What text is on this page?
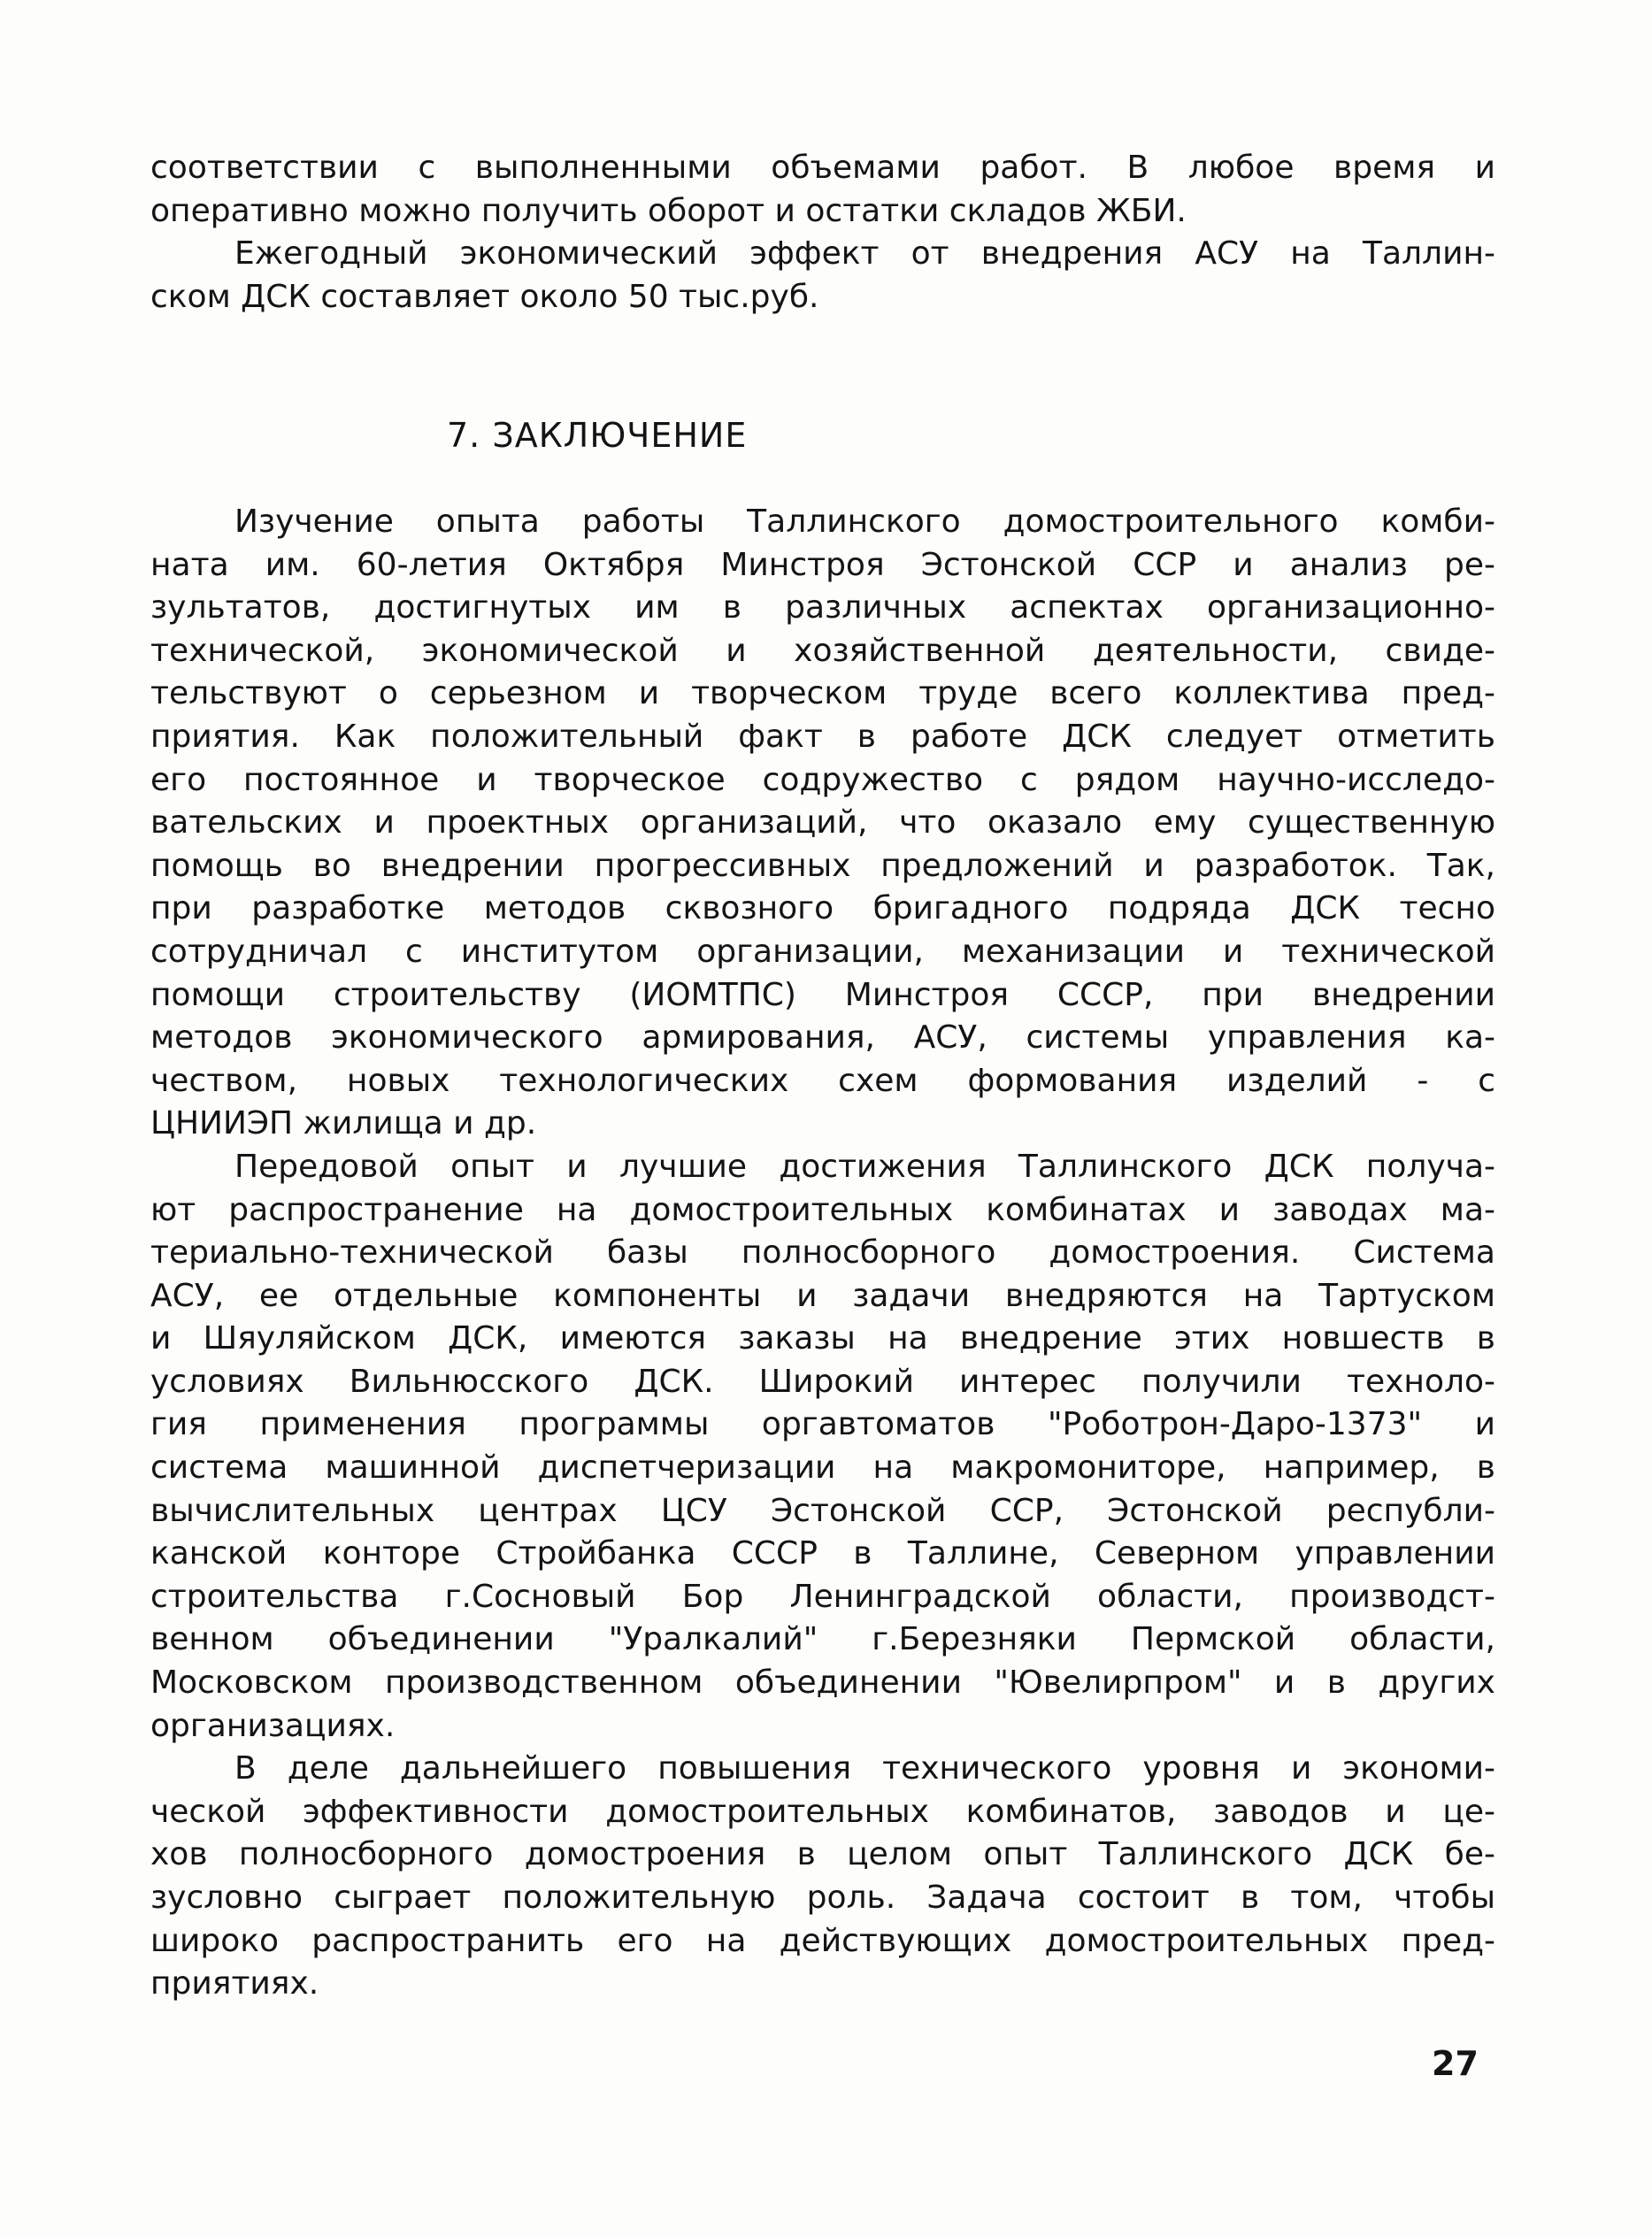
соответствии с выполненными объемами работ. В любое время и
оперативно можно получить оборот и остатки складов ЖБИ.

Ежегодный экономический эффект от внедрения АСУ на Таллин-
ском ДСК составляет около 50 тыс.руб.

7. ЗАКЛЮЧЕНИЕ

Изучение опыта работы Таллинского домостроительного комби-
ната им. 60-летия Октября Минстроя Эстонской ССР и анализ ре-
зультатов, достигнутых им в различных аспектах организационно-
технической, экономической и хозяйственной деятельности, свиде-
тельствуют о серьезном и творческом труде всего коллектива пред-
приятия. Как положительный факт в работе ДСК следует отметить
его постоянное и творческое содружество с рядом научно-исследо-
вательских и проектных организаций, что оказало ему существенную
помощь во внедрении прогрессивных предложений и разработок. Так,
при разработке методов сквозного бригадного подряда ДСК тесно
сотрудничал с институтом организации, механизации и технической
помощи строительству (ИОМТПС) Минстроя СССР, при внедрении
методов экономического армирования, АСУ, системы управления ка-
чеством, новых технологических схем формования изделий - с
ЦНИИЭП жилища и др.

Передовой опыт и лучшие достижения Таллинского ДСК получа-
ют распространение на домостроительных комбинатах и заводах ма-
териально-технической базы полносборного домостроения. Система
АСУ, ее отдельные компоненты и задачи внедряются на Тартуском
и Шяуляйском ДСК, имеются заказы на внедрение этих новшеств в
условиях Вильнюсского ДСК. Широкий интерес получили техноло-
гия применения программы оргавтоматов "Роботрон-Даро-1373" и
система машинной диспетчеризации на макромониторе, например, в
вычислительных центрах ЦСУ Эстонской ССР, Эстонской республи-
канской конторе Стройбанка СССР в Таллине, Северном управлении
строительства г.Сосновый Бор Ленинградской области, производст-
венном объединении "Уралкалий" г.Березняки Пермской области,
Московском производственном объединении "Ювелирпром" и в других
организациях.

В деле дальнейшего повышения технического уровня и экономи-
ческой эффективности домостроительных комбинатов, заводов и це-
хов полносборного домостроения в целом опыт Таллинского ДСК бе-
зусловно сыграет положительную роль. Задача состоит в том, чтобы
широко распространить его на действующих домостроительных пред-
приятиях.

27
